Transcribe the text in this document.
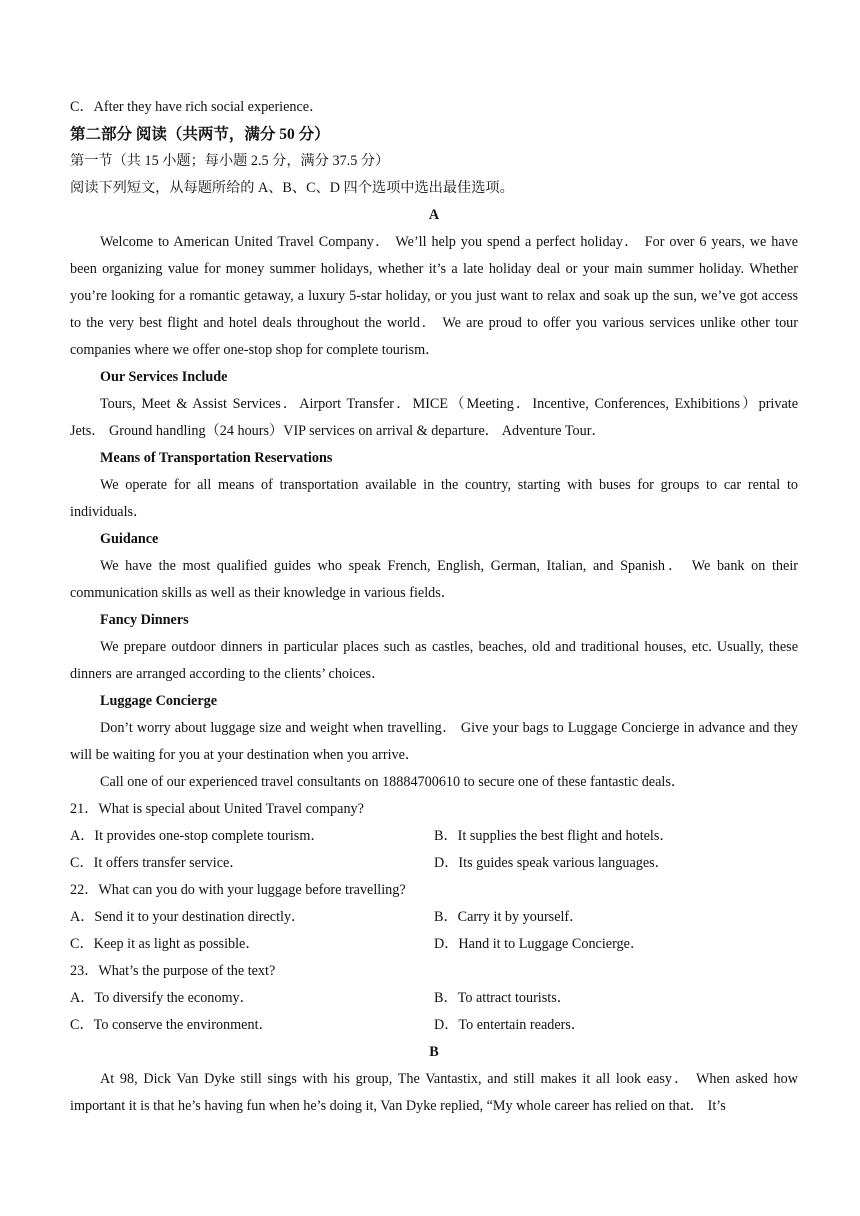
C．After they have rich social experience．
第二部分 阅读（共两节，满分 50 分）
第一节（共 15 小题；每小题 2.5 分，满分 37.5 分）
阅读下列短文，从每题所给的 A、B、C、D 四个选项中选出最佳选项。
A
Welcome to American United Travel Company． We’ll help you spend a perfect holiday． For over 6 years, we have been organizing value for money summer holidays, whether it’s a late holiday deal or your main summer holiday. Whether you’re looking for a romantic getaway, a luxury 5-star holiday, or you just want to relax and soak up the sun, we’ve got access to the very best flight and hotel deals throughout the world． We are proud to offer you various services unlike other tour companies where we offer one-stop shop for complete tourism．
Our Services Include
Tours, Meet & Assist Services．Airport Transfer．MICE（Meeting．Incentive, Conferences, Exhibitions）private Jets． Ground handling（24 hours）VIP services on arrival & departure． Adventure Tour．
Means of Transportation Reservations
We operate for all means of transportation available in the country, starting with buses for groups to car rental to individuals．
Guidance
We have the most qualified guides who speak French, English, German, Italian, and Spanish． We bank on their communication skills as well as their knowledge in various fields．
Fancy Dinners
We prepare outdoor dinners in particular places such as castles, beaches, old and traditional houses, etc. Usually, these dinners are arranged according to the clients’ choices．
Luggage Concierge
Don’t worry about luggage size and weight when travelling． Give your bags to Luggage Concierge in advance and they will be waiting for you at your destination when you arrive．
Call one of our experienced travel consultants on 18884700610 to secure one of these fantastic deals．
21．What is special about United Travel company?
A．It provides one-stop complete tourism．	B．It supplies the best flight and hotels．
C．It offers transfer service．	D．Its guides speak various languages．
22．What can you do with your luggage before travelling?
A．Send it to your destination directly．	B．Carry it by yourself．
C．Keep it as light as possible．	D．Hand it to Luggage Concierge．
23．What’s the purpose of the text?
A．To diversify the economy．	B．To attract tourists．
C．To conserve the environment．	D．To entertain readers．
B
At 98, Dick Van Dyke still sings with his group, The Vantastix, and still makes it all look easy． When asked how important it is that he’s having fun when he’s doing it, Van Dyke replied, “My whole career has relied on that． It’s
